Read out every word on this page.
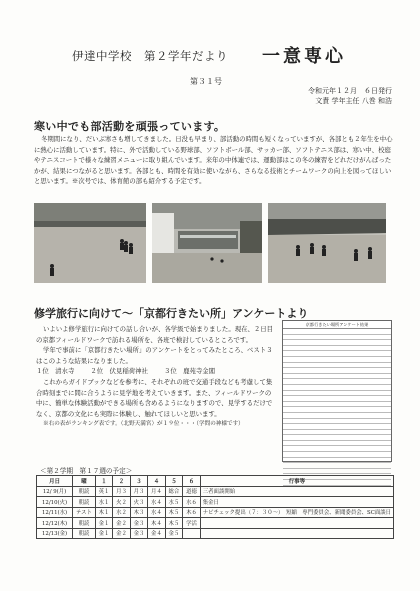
伊達中学校　第２学年だより 一意専心
第３１号
令和元年１２月　６日発行
文責 学年主任 八巻 和浩
寒い中でも部活動を頑張っています。
冬期間になり、だいぶ寒さも増してきました。日没も早まり、部活動の時間も短くなっていますが、各部とも２年生を中心に熱心に活動しています。特に、外で活動している野球部、ソフトボール部、サッカー部、ソフトテニス部は、寒い中、校庭やテニスコートで様々な練習メニューに取り組んでいます。来年の中体連では、運動部はこの冬の練習をどれだけがんばったかが、結果につながると思います。各部とも、時間を有効に使いながら、さらなる技術とチームワークの向上を図ってほしいと思います。※次号では、体育館の部も紹介する予定です。
修学旅行に向けて～「京都行きたい所」アンケートより

いよいよ修学旅行に向けての話し合いが、各学級で始まりました。現在、２日目の京都フィールドワークで訪れる場所を、各班で検討しているところです。

学年で事前に「京都行きたい場所」のアンケートをとってみたところ、ベスト３はこのような結果になりました。

１位　清水寺	２位　伏見稲荷神社	３位　鹿苑寺金閣

これからガイドブックなどを参考に、それぞれの班で交通手段なども考慮して集合時刻までに間に合うように見学地を考えていきます。また、フィールドワークの中に、簡単な体験活動ができる場所も含めるようになりますので、見学するだけでなく、京都の文化にも実際に体験し、触れてほしいと思います。

※右の表がランキング表です。（北野天満宮）が１９位・・・（学問の神様です）

京都行きたい場所アンケート結果
＜第２学期　第１７週の予定＞
月日	曜	１	２	３	４	５	６	行事等
12/ 9(月)	朝読	英１	月３	月３	月４	総合	道徳	三者面談開始
12/10(火)	朝読	水１	火２	火３	水４	水５	水６	集金日
12/11(水)	テスト	木１	水２	木３	水４	木５	木６	ナビチェック提出（７：３０〜）　短縮　専門委員会、新聞委員会、SC面談日
12/12(木)	朝読	金１	金２	金３	木４	木５	学活	
12/13(金)	朝読	金１	金２	金３	金４	金５		
